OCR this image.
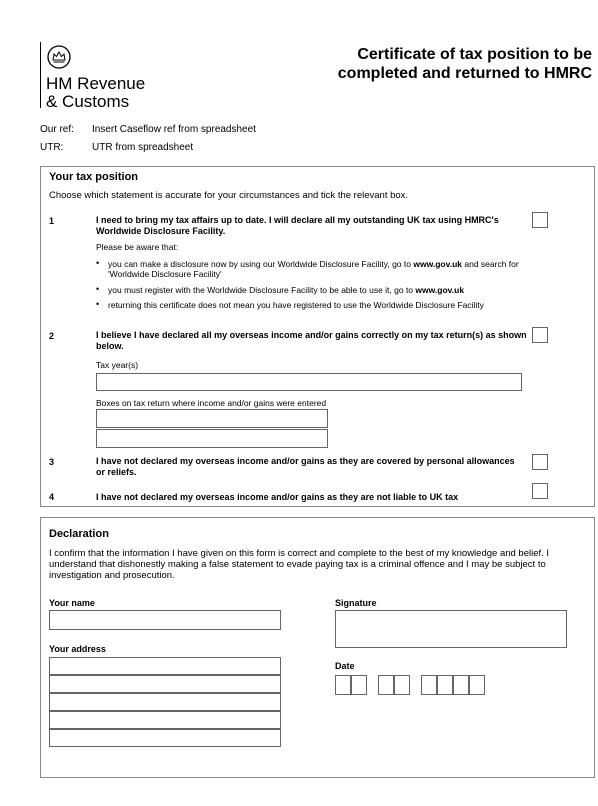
HM Revenue
& Customs
Certificate of tax position to be completed and returned to HMRC
Our ref: Insert Caseflow ref from spreadsheet
UTR:	UTR from spreadsheet
Your tax position
Choose which statement is accurate for your circumstances and tick the relevant box.
1	I need to bring my tax affairs up to date. I will declare all my outstanding UK tax using HMRC's Worldwide Disclosure Facility.
Please be aware that:
• you can make a disclosure now by using our Worldwide Disclosure Facility, go to www.gov.uk and search for 'Worldwide Disclosure Facility'
• you must register with the Worldwide Disclosure Facility to be able to use it, go to www.gov.uk
• returning this certificate does not mean you have registered to use the Worldwide Disclosure Facility
2	I believe I have declared all my overseas income and/or gains correctly on my tax return(s) as shown below.
Tax year(s)
Boxes on tax return where income and/or gains were entered
3	I have not declared my overseas income and/or gains as they are covered by personal allowances or reliefs.
4	I have not declared my overseas income and/or gains as they are not liable to UK tax
Declaration
I confirm that the information I have given on this form is correct and complete to the best of my knowledge and belief. I understand that dishonestly making a false statement to evade paying tax is a criminal offence and I may be subject to investigation and prosecution.
Your name	Signature
Your address
Date
